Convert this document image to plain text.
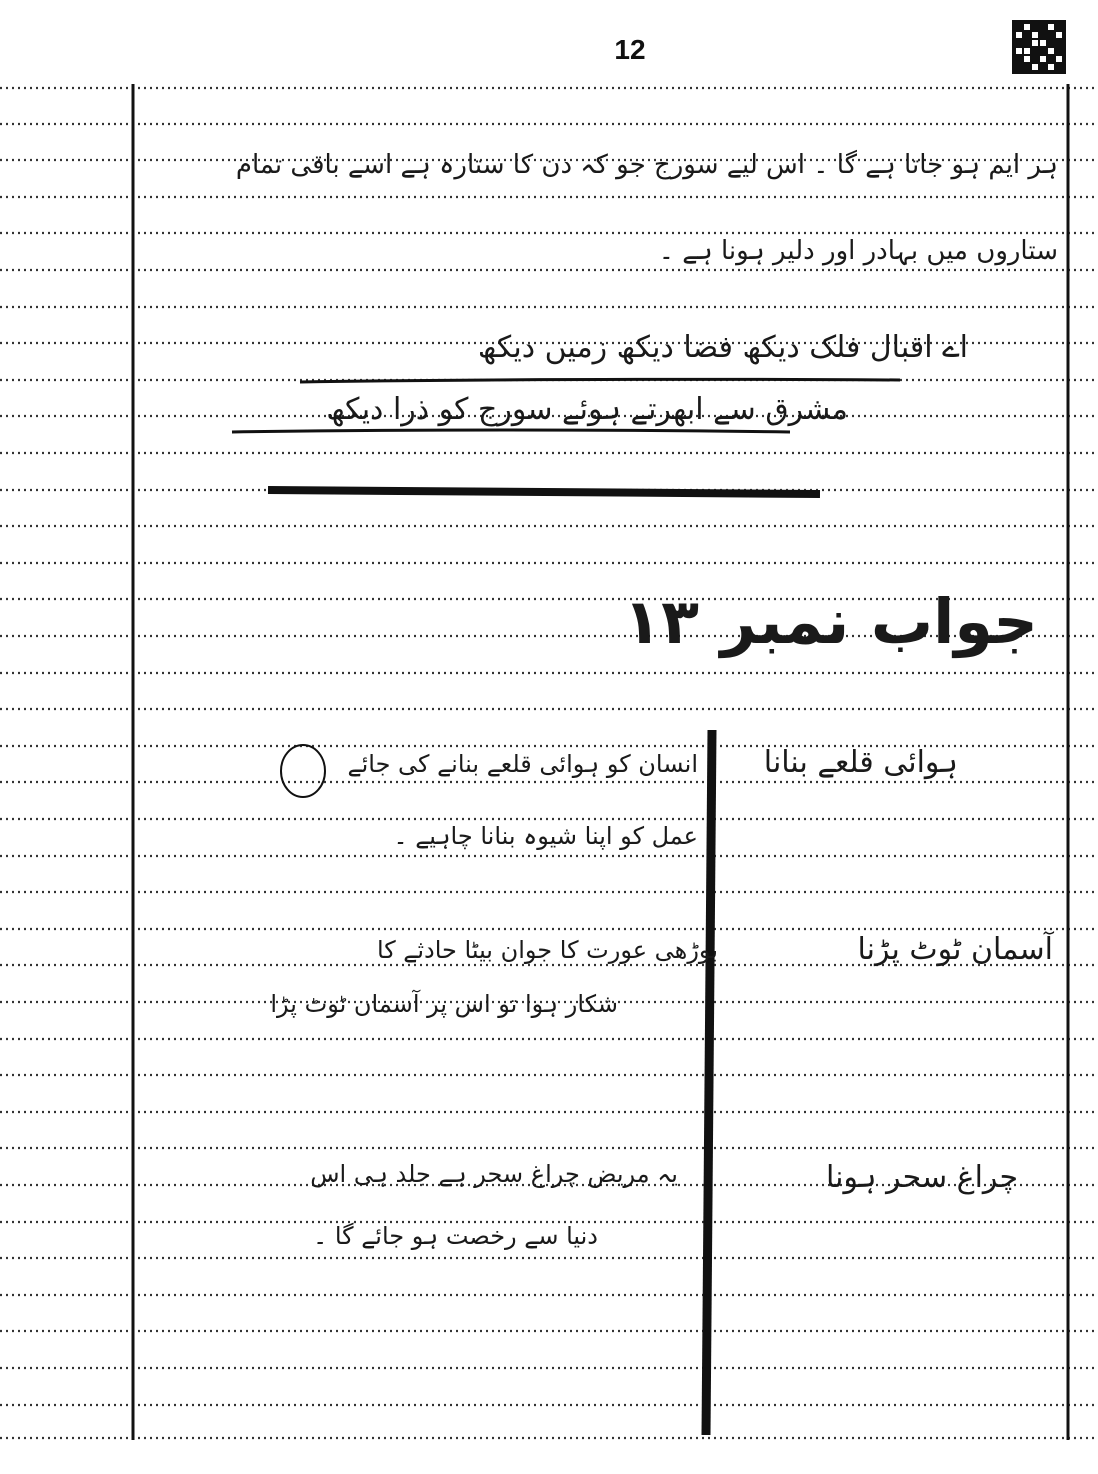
12
ہر ایم ہو جاتا ہے گا ۔ اس لیے سورج جو کہ دن کا ستارہ ہے اسے باقی تمام
ستاروں میں بہادر اور دلیر ہونا ہے ۔
اے اقبال فلک دیکھ فضا دیکھ زمیں دیکھ
مشرق سے ابھرتے ہوئے سورج کو ذرا دیکھ
جواب نمبر ۱۳
ہوائی قلعے بنانا
انسان کو ہوائی قلعے بنانے کی جائے
عمل کو اپنا شیوہ بنانا چاہیے ۔
آسمان ٹوٹ پڑنا
بوڑھی عورت کا جوان بیٹا حادثے کا
شکار ہوا تو اس پر آسمان ٹوٹ پڑا
چراغ سحر ہونا
یہ مریض چراغ سحر ہے جلد ہی اس
دنیا سے رخصت ہو جائے گا ۔
